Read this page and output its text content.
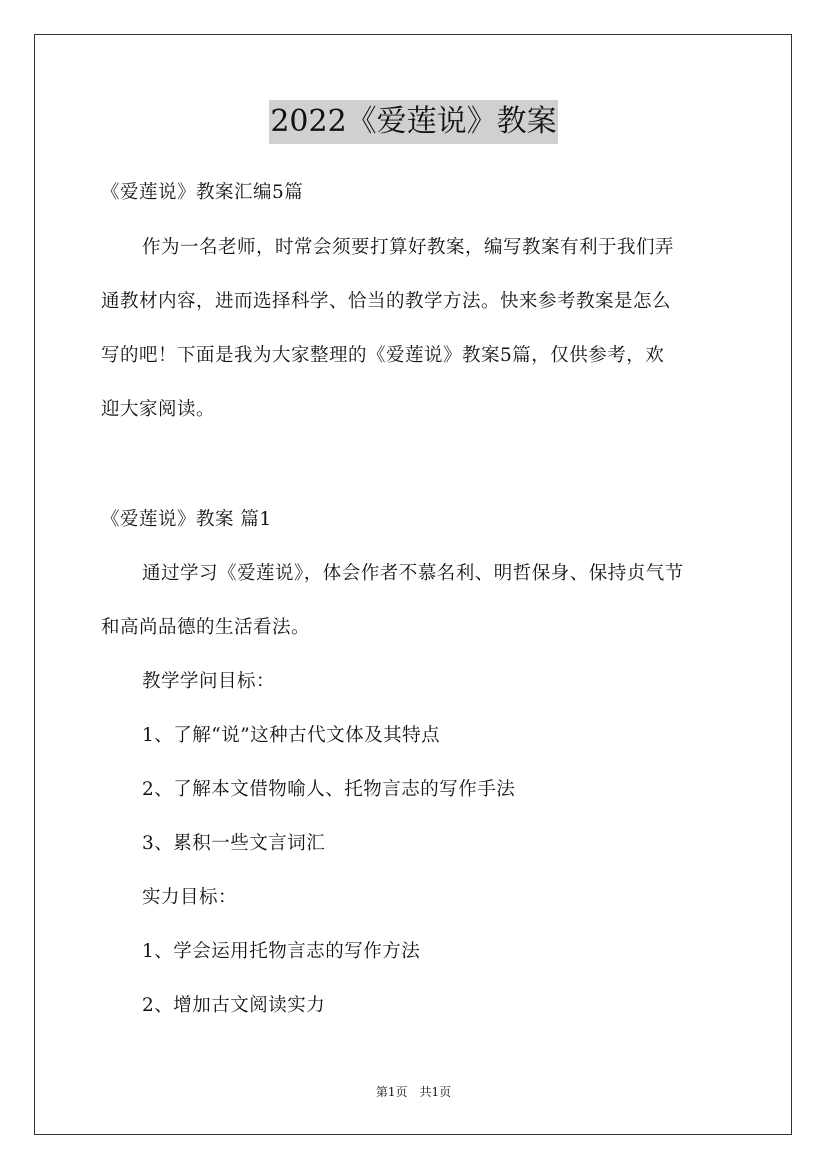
2022《爱莲说》教案
《爱莲说》教案汇编5篇
作为一名老师，时常会须要打算好教案，编写教案有利于我们弄
通教材内容，进而选择科学、恰当的教学方法。快来参考教案是怎么
写的吧！下面是我为大家整理的《爱莲说》教案5篇，仅供参考，欢
迎大家阅读。
《爱莲说》教案 篇1
通过学习《爱莲说》，体会作者不慕名利、明哲保身、保持贞气节
和高尚品德的生活看法。
教学学问目标：
1、了解“说”这种古代文体及其特点
2、了解本文借物喻人、托物言志的写作手法
3、累积一些文言词汇
实力目标：
1、学会运用托物言志的写作方法
2、增加古文阅读实力
第1页　共1页
